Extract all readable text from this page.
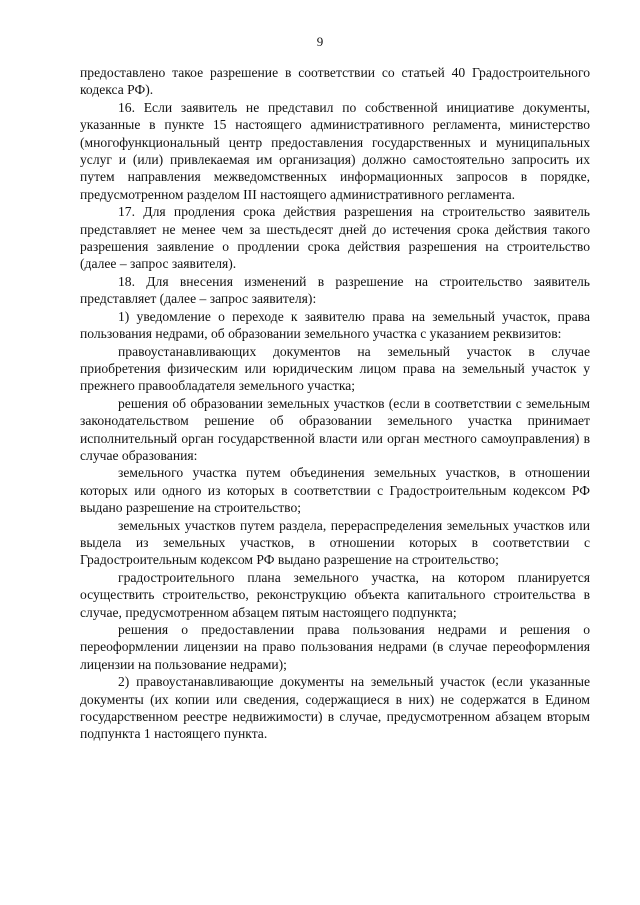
9

предоставлено такое разрешение в соответствии со статьей 40 Градостроительного кодекса РФ).

16. Если заявитель не представил по собственной инициативе документы, указанные в пункте 15 настоящего административного регламента, министерство (многофункциональный центр предоставления государственных и муниципальных услуг и (или) привлекаемая им организация) должно самостоятельно запросить их путем направления межведомственных информационных запросов в порядке, предусмотренном разделом III настоящего административного регламента.

17. Для продления срока действия разрешения на строительство заявитель представляет не менее чем за шестьдесят дней до истечения срока действия такого разрешения заявление о продлении срока действия разрешения на строительство (далее – запрос заявителя).

18. Для внесения изменений в разрешение на строительство заявитель представляет (далее – запрос заявителя):

1) уведомление о переходе к заявителю права на земельный участок, права пользования недрами, об образовании земельного участка с указанием реквизитов:

правоустанавливающих документов на земельный участок в случае приобретения физическим или юридическим лицом права на земельный участок у прежнего правообладателя земельного участка;

решения об образовании земельных участков (если в соответствии с земельным законодательством решение об образовании земельного участка принимает исполнительный орган государственной власти или орган местного самоуправления) в случае образования:

земельного участка путем объединения земельных участков, в отношении которых или одного из которых в соответствии с Градостроительным кодексом РФ выдано разрешение на строительство;

земельных участков путем раздела, перераспределения земельных участков или выдела из земельных участков, в отношении которых в соответствии с Градостроительным кодексом РФ выдано разрешение на строительство;

градостроительного плана земельного участка, на котором планируется осуществить строительство, реконструкцию объекта капитального строительства в случае, предусмотренном абзацем пятым настоящего подпункта;

решения о предоставлении права пользования недрами и решения о переоформлении лицензии на право пользования недрами (в случае переоформления лицензии на пользование недрами);

2) правоустанавливающие документы на земельный участок (если указанные документы (их копии или сведения, содержащиеся в них) не содержатся в Едином государственном реестре недвижимости) в случае, предусмотренном абзацем вторым подпункта 1 настоящего пункта.
